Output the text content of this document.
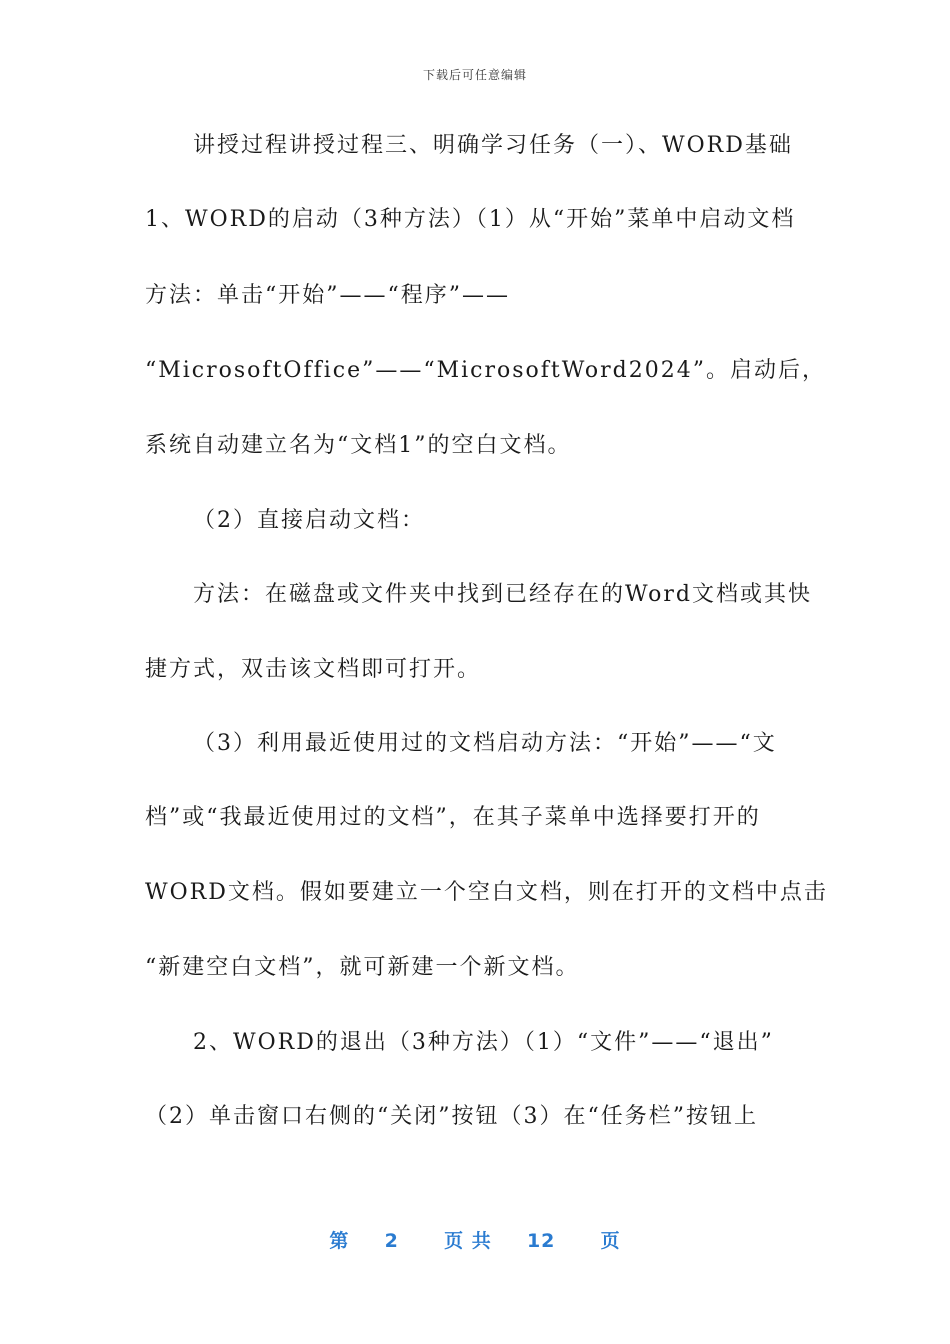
下载后可任意编辑
讲授过程讲授过程三、明确学习任务（一）、WORD基础
1、WORD的启动（3种方法）（1）从“开始”菜单中启动文档
方法：单击“开始”——“程序”——
“MicrosoftOffice”——“MicrosoftWord2024”。启动后，
系统自动建立名为“文档1”的空白文档。
（2）直接启动文档：
方法：在磁盘或文件夹中找到已经存在的Word文档或其快
捷方式，双击该文档即可打开。
（3）利用最近使用过的文档启动方法：“开始”——“文
档”或“我最近使用过的文档”，在其子菜单中选择要打开的
WORD文档。假如要建立一个空白文档，则在打开的文档中点击
“新建空白文档”，就可新建一个新文档。
2、WORD的退出（3种方法）（1）“文件”——“退出”
（2）单击窗口右侧的“关闭”按钮（3）在“任务栏”按钮上
第 2 页 共 12 页
